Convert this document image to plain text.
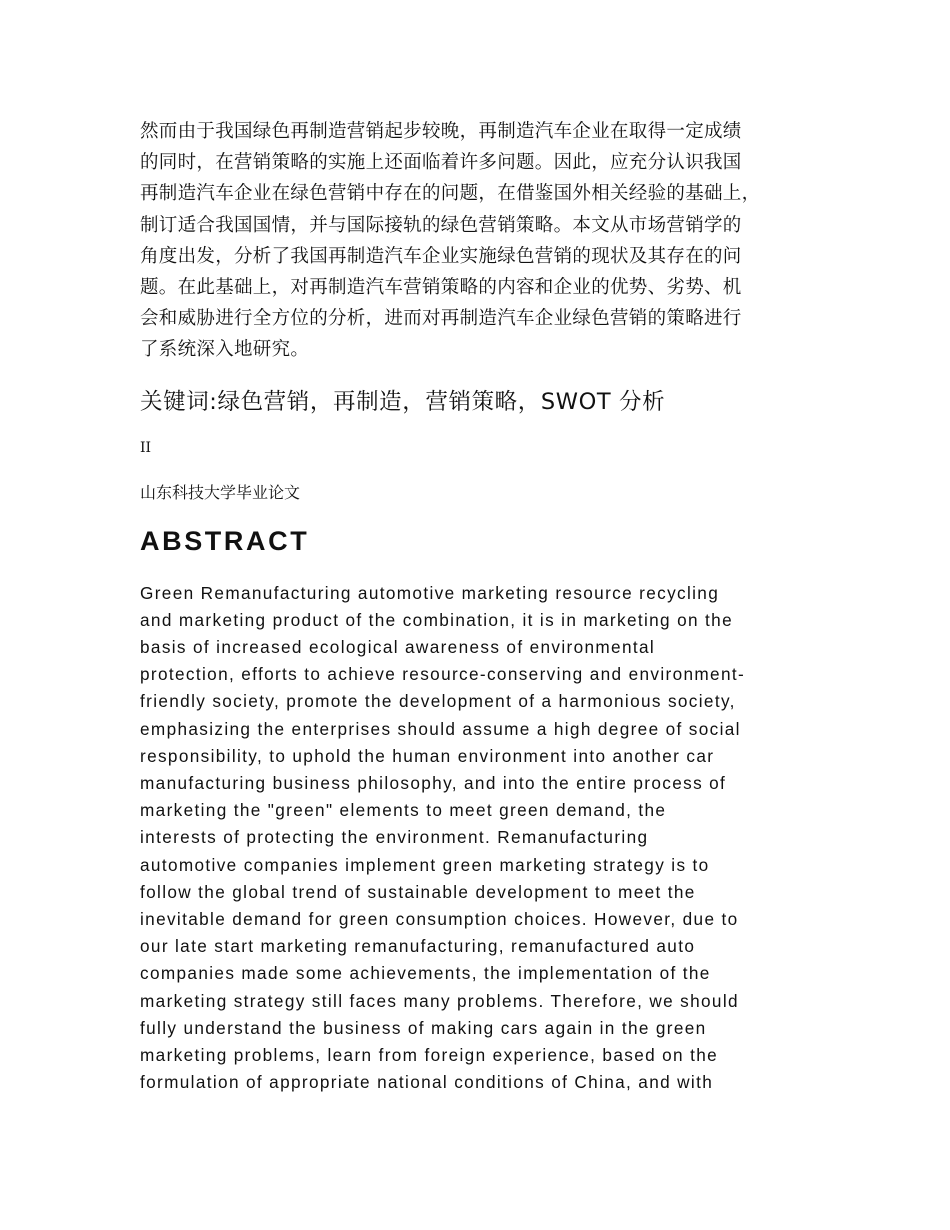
然而由于我国绿色再制造营销起步较晚，再制造汽车企业在取得一定成绩
的同时，在营销策略的实施上还面临着许多问题。因此，应充分认识我国
再制造汽车企业在绿色营销中存在的问题，在借鉴国外相关经验的基础上，
制订适合我国国情，并与国际接轨的绿色营销策略。本文从市场营销学的
角度出发，分析了我国再制造汽车企业实施绿色营销的现状及其存在的问
题。在此基础上，对再制造汽车营销策略的内容和企业的优势、劣势、机
会和威胁进行全方位的分析，进而对再制造汽车企业绿色营销的策略进行
了系统深入地研究。

关键词:绿色营销，再制造，营销策略，SWOT 分析
II
山东科技大学毕业论文
ABSTRACT

Green Remanufacturing automotive marketing resource recycling
and marketing product of the combination, it is in marketing on the
basis of increased ecological awareness of environmental
protection, efforts to achieve resource-conserving and environment-
friendly society, promote the development of a harmonious society,
emphasizing the enterprises should assume a high degree of social
responsibility, to uphold the human environment into another car
manufacturing business philosophy, and into the entire process of
marketing the "green" elements to meet green demand, the
interests of protecting the environment. Remanufacturing
automotive companies implement green marketing strategy is to
follow the global trend of sustainable development to meet the
inevitable demand for green consumption choices. However, due to
our late start marketing remanufacturing, remanufactured auto
companies made some achievements, the implementation of the
marketing strategy still faces many problems. Therefore, we should
fully understand the business of making cars again in the green
marketing problems, learn from foreign experience, based on the
formulation of appropriate national conditions of China, and with
